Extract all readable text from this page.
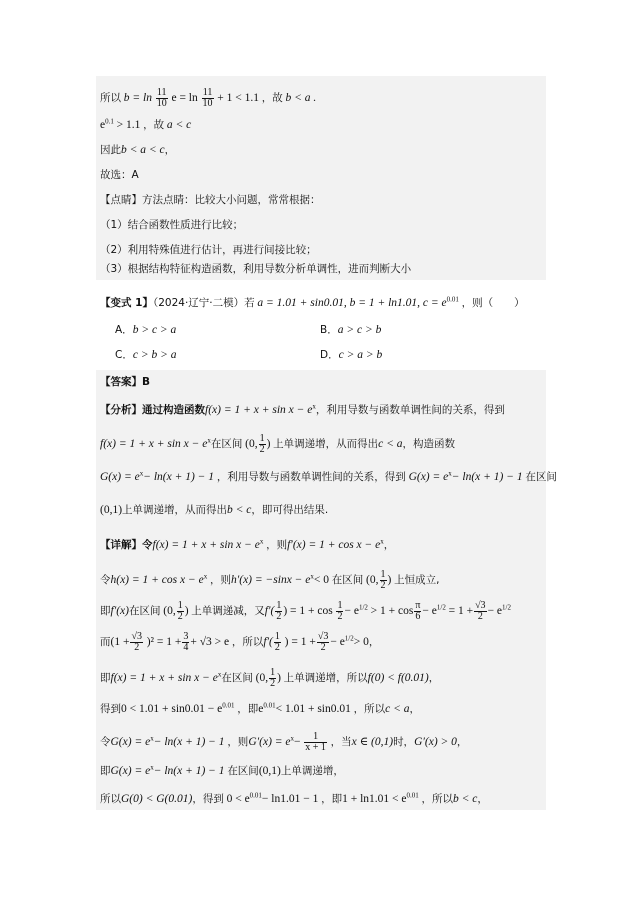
所以 $b = \ln \frac{11}{10}$ $e = \ln \frac{11}{10} + 1 < 1.1$ ，故 b < a .
$e^{0.1} > 1.1$ ，故 a < c
因此b < a < c，
故选：A
【点睛】方法点睛：比较大小问题，常常根据：
（1）结合函数性质进行比较；
（2）利用特殊值进行估计，再进行间接比较；
（3）根据结构特征构造函数，利用导数分析单调性，进而判断大小
【变式 1】（2024·辽宁·二模）若 a = 1.01 + sin0.01, b = 1 + ln1.01, $c = e^{0.01}$ ，则（　　）
A．b > c > a	B．a > c > b
C．c > b > a	D．c > a > b
【答案】B
【分析】通过构造函数$f(x) = 1 + x + \sin x - e^x$，利用导数与函数单调性间的关系，得到
$f(x) = 1 + x + \sin x - e^x$在区间 (0, $\frac{1}{2}$ ) 上单调递增，从而得出c < a，构造函数
$G(x) = e^x- \ln(x + 1) - 1$ ，利用导数与函数单调性间的关系，得到 $G(x) = e^x- \ln(x + 1) - 1$ 在区间
(0,1)上单调递增，从而得出b < c，即可得出结果.
【详解】令$f(x) = 1 + x + \sin x - e^x$ ，则$f'(x) = 1 + \cos x - e^x$，
令$h(x) = 1 + \cos x - e^x$ ，则$h'(x) = -\sin x - e^x< 0$ 在区间 (0, $\frac{1}{2}$ ) 上恒成立,
即f′(x)在区间 (0, $\frac{1}{2}$ ) 上单调递减，又$f'( \frac{1}{2}$ ) = $1 + \cos \frac{1}{2} - e^{1/2} > 1 + \cos \frac{\pi}{6} - e^{1/2} = 1 + \frac{√3}{2} - e^{1/2}$
而$(1 + \frac{√3}{2} )^2 = 1 + \frac{3}{4} + √3 > e$ ，所以$f'( \frac{1}{2}$ ) = $1 + \frac{√3}{2} - e^{1/2}> 0$，
即$f(x) = 1 + x + \sin x - e^x$在区间 (0, $\frac{1}{2}$ ) 上单调递增，所以f(0) < f(0.01)，
得到$0 < 1.01 + \sin 0.01 - e^{0.01}$ ，即$e^{0.01}< 1.01 + \sin 0.01$ ，所以c < a，
令$G(x) = e^x- \ln(x + 1) - 1$ ，则$G'(x) = e^x- \frac{1}{x + 1}$ ，当x ∈ (0,1)时，G′(x) > 0，
即$G(x) = e^x- \ln(x + 1) - 1$ 在区间(0,1)上单调递增，
所以G(0) < G(0.01)，得到 $0 < e^{0.01}- \ln 1.01 - 1$ ，即$1 + \ln 1.01 < e^{0.01}$ ，所以b < c，
